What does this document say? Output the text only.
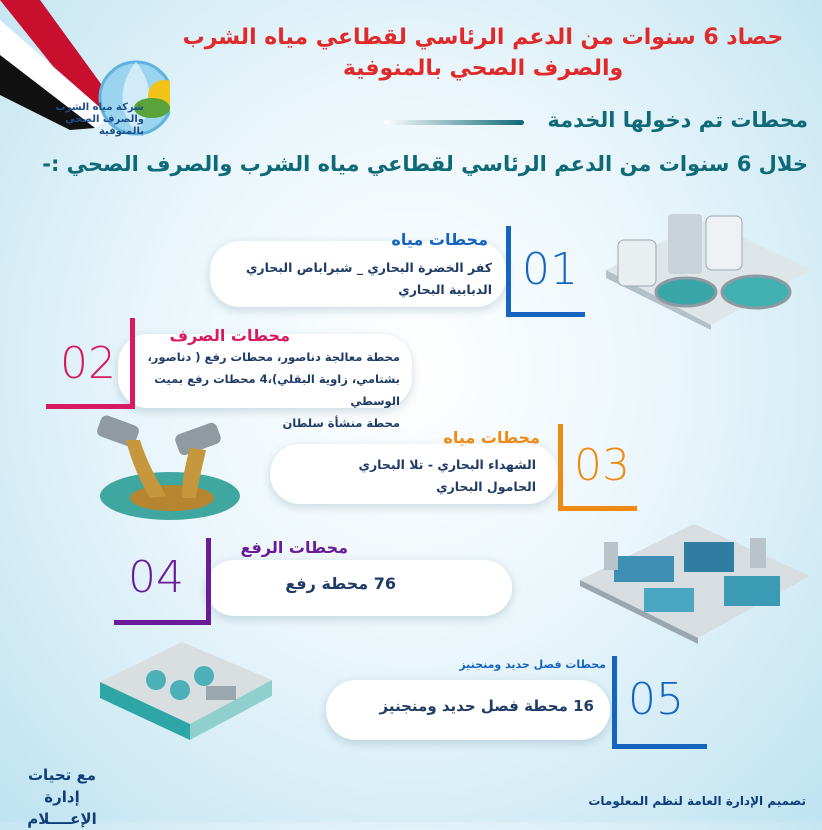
شركة مياه الشرب
والصرف الصحي بالمنوفية
حصاد 6 سنوات من الدعم الرئاسي لقطاعي مياه الشرب
والصرف الصحي بالمنوفية
محطات تم دخولها الخدمة
خلال 6 سنوات من الدعم الرئاسي لقطاعي مياه الشرب والصرف الصحي :-
كفر الخضرة البحاري _ شبراباص البحاري
الدبابية البحاري
محطات مياه
01
محطة معالجة دناصور، محطات رفع ( دناصور،
بشتامي، زاوية البقلي)،4 محطات رفع بميت الوسطي
محطة منشأة سلطان
محطات الصرف
02
الشهداء البحاري - تلا البحاري
الحامول البحاري
محطات مياه
03
76 محطة رفع
محطات الرفع
04
16 محطة فصل حديد ومنجنيز
محطات فصل حديد ومنجنيز
05
مع تحيات
إدارة الإعــــلام
تصميم الإدارة العامة لنظم المعلومات
